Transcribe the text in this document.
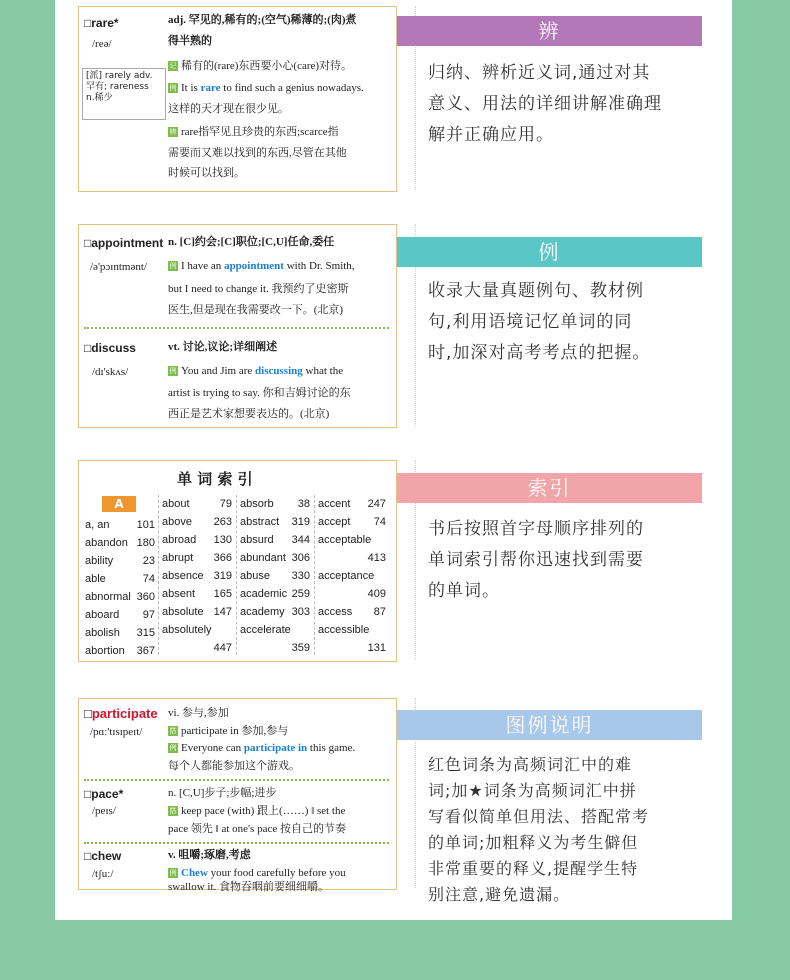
□rare*	adj. 罕见的,稀有的;(空气)稀薄的;(肉)煮
得半熟的
/reə/
[派] rarely adv.
罕有; rareness
n.稀少
记 稀有的(rare)东西要小心(care)对待。
例 It is rare to find such a genius nowadays.
这样的天才现在很少见。
辨 rare指罕见且珍贵的东西;scarce指
需要而又难以找到的东西,尽管在其他
时候可以找到。
辨
归纳、辨析近义词,通过对其
意义、用法的详细讲解准确理
解并正确应用。
□appointment n. [C]约会;[C]职位;[C,U]任命,委任
/ə'pɔɪntmənt/	例 I have an appointment with Dr. Smith,
but I need to change it. 我预约了史密斯
医生,但是现在我需要改一下。(北京)
□discuss	vt. 讨论,议论;详细阐述
/dɪ'skʌs/	例 You and Jim are discussing what the
artist is trying to say. 你和吉姆讨论的东
西正是艺术家想要表达的。(北京)
例
收录大量真题例句、教材例
句,利用语境记忆单词的同
时,加深对高考考点的把握。
单 词 索 引
A
a, an 101
abandon 180
ability	23
able	74
abnormal 360
aboard 97
abolish 315
abortion 367
about	79
above 263
abroad 130
abrupt 366
absence 319
absent 165
absolute 147
absolutely
447
absorb 38
abstract 319
absurd 344
abundant 306
abuse 330
academic 259
academy 303
accelerate
359
accent 247
accept 74
acceptable
413
acceptance
409
access 87
accessible
131
索引
书后按照首字母顺序排列的
单词索引帮你迅速找到需要
的单词。
□participate vi. 参与,参加
/pɑː'tɪsɪpeɪt/	搭 participate in 参加,参与
例 Everyone can participate in this game.
每个人都能参加这个游戏。
□pace*	n. [C,U]步子;步幅;进步
/peɪs/	搭 keep pace (with) 跟上(……) ‖ set the
pace 领先 ‖ at one's pace 按自己的节奏
□chew	v. 咀嚼;琢磨,考虑
/tʃuː/	例 Chew your food carefully before you
swallow it. 食物吞咽前要细细嚼。
图例说明
红色词条为高频词汇中的难
词;加★词条为高频词汇中拼
写看似简单但用法、搭配常考
的单词;加粗释义为考生僻但
非常重要的释义,提醒学生特
别注意,避免遗漏。
